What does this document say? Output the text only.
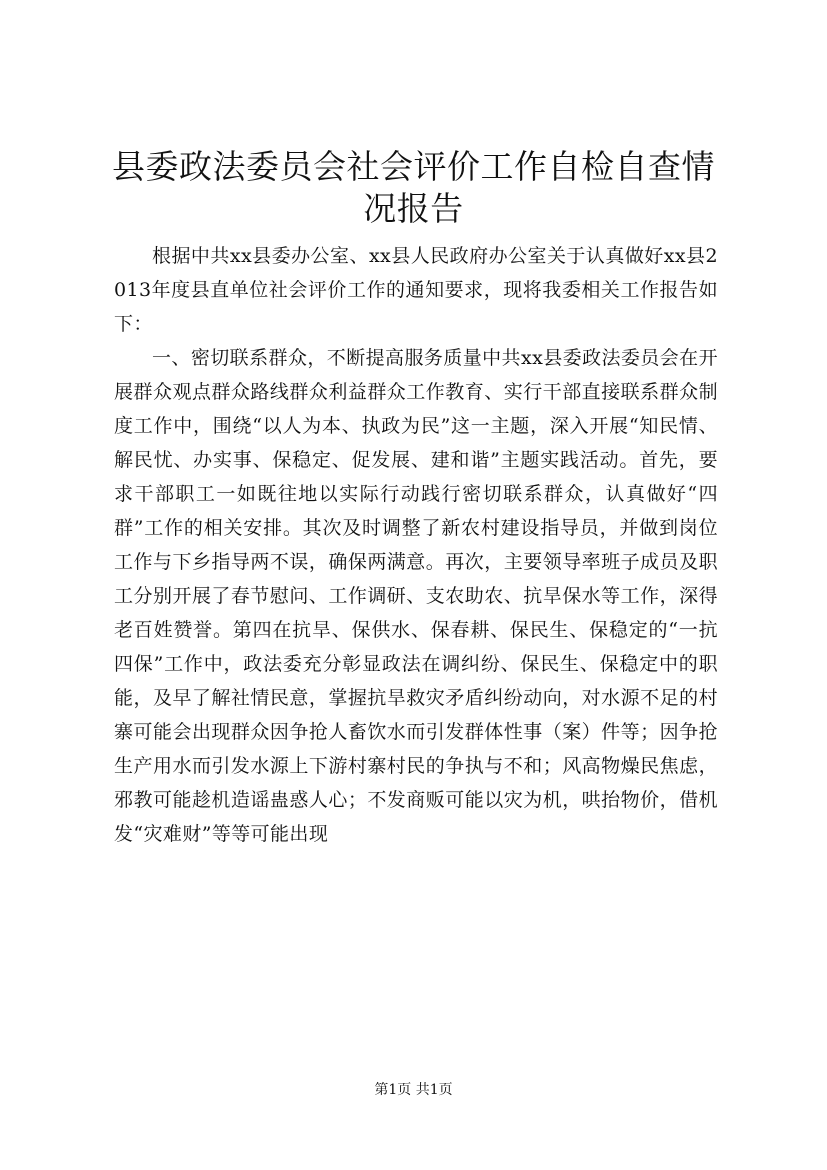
县委政法委员会社会评价工作自检自查情况报告

根据中共xx县委办公室、xx县人民政府办公室关于认真做好xx县2013年度县直单位社会评价工作的通知要求，现将我委相关工作报告如下：

一、密切联系群众，不断提高服务质量中共xx县委政法委员会在开展群众观点群众路线群众利益群众工作教育、实行干部直接联系群众制度工作中，围绕“以人为本、执政为民”这一主题，深入开展“知民情、解民忧、办实事、保稳定、促发展、建和谐”主题实践活动。首先，要求干部职工一如既往地以实际行动践行密切联系群众，认真做好“四群”工作的相关安排。其次及时调整了新农村建设指导员，并做到岗位工作与下乡指导两不误，确保两满意。再次，主要领导率班子成员及职工分别开展了春节慰问、工作调研、支农助农、抗旱保水等工作，深得老百姓赞誉。第四在抗旱、保供水、保春耕、保民生、保稳定的“一抗四保”工作中，政法委充分彰显政法在调纠纷、保民生、保稳定中的职能，及早了解社情民意，掌握抗旱救灾矛盾纠纷动向，对水源不足的村寨可能会出现群众因争抢人畜饮水而引发群体性事（案）件等；因争抢生产用水而引发水源上下游村寨村民的争执与不和；风高物燥民焦虑，邪教可能趁机造谣蛊惑人心；不发商贩可能以灾为机，哄抬物价，借机发“灾难财”等等可能出现

第1页 共1页
